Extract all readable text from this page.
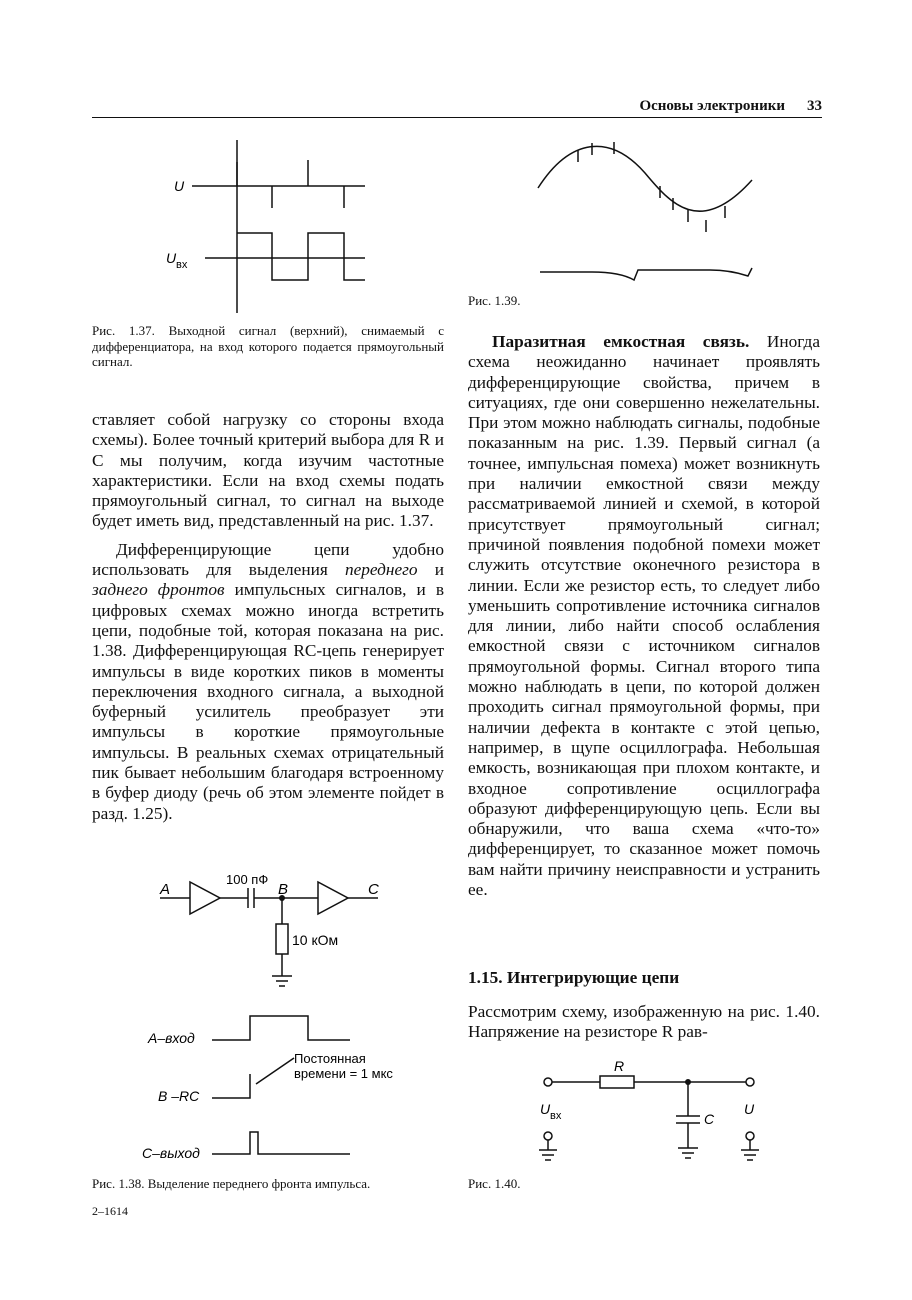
Основы электроники 33
U
U вх
Рис. 1.37. Выходной сигнал (верхний), снимаемый с дифференциатора, на вход которого подается прямоугольный сигнал.
Рис. 1.39.

ставляет собой нагрузку со стороны входа схемы). Более точный критерий выбора для R и C мы получим, когда изучим частотные характеристики. Если на вход схемы подать прямоугольный сигнал, то сигнал на выходе будет иметь вид, представленный на рис. 1.37.

Дифференцирующие цепи удобно использовать для выделения переднего и заднего фронтов импульсных сигналов, и в цифровых схемах можно иногда встретить цепи, подобные той, которая показана на рис. 1.38. Дифференцирующая RC-цепь генерирует импульсы в виде коротких пиков в моменты переключения входного сигнала, а выходной буферный усилитель преобразует эти импульсы в короткие прямоугольные импульсы. В реальных схемах отрицательный пик бывает небольшим благодаря встроенному в буфер диоду (речь об этом элементе пойдет в разд. 1.25).

A
100 пФ
B	C
10 кОм
A–вход
B –RC
C–выход
Постоянная
времени = 1 мкс
Рис. 1.38. Выделение переднего фронта импульса.

Паразитная емкостная связь. Иногда схема неожиданно начинает проявлять дифференцирующие свойства, причем в ситуациях, где они совершенно нежелательны. При этом можно наблюдать сигналы, подобные показанным на рис. 1.39. Первый сигнал (а точнее, импульсная помеха) может возникнуть при наличии емкостной связи между рассматриваемой линией и схемой, в которой присутствует прямоугольный сигнал; причиной появления подобной помехи может служить отсутствие оконечного резистора в линии. Если же резистор есть, то следует либо уменьшить сопротивление источника сигналов для линии, либо найти способ ослабления емкостной связи с источником сигналов прямоугольной формы. Сигнал второго типа можно наблюдать в цепи, по которой должен проходить сигнал прямоугольной формы, при наличии дефекта в контакте с этой цепью, например, в щупе осциллографа. Небольшая емкость, возникающая при плохом контакте, и входное сопротивление осциллографа образуют дифференцирующую цепь. Если вы обнаружили, что ваша схема «что-то» дифференцирует, то сказанное может помочь вам найти причину неисправности и устранить ее.

1.15. Интегрирующие цепи
Рассмотрим схему, изображенную на рис. 1.40. Напряжение на резисторе R рав-
R
C
U вх	U
Рис. 1.40.
2–1614
